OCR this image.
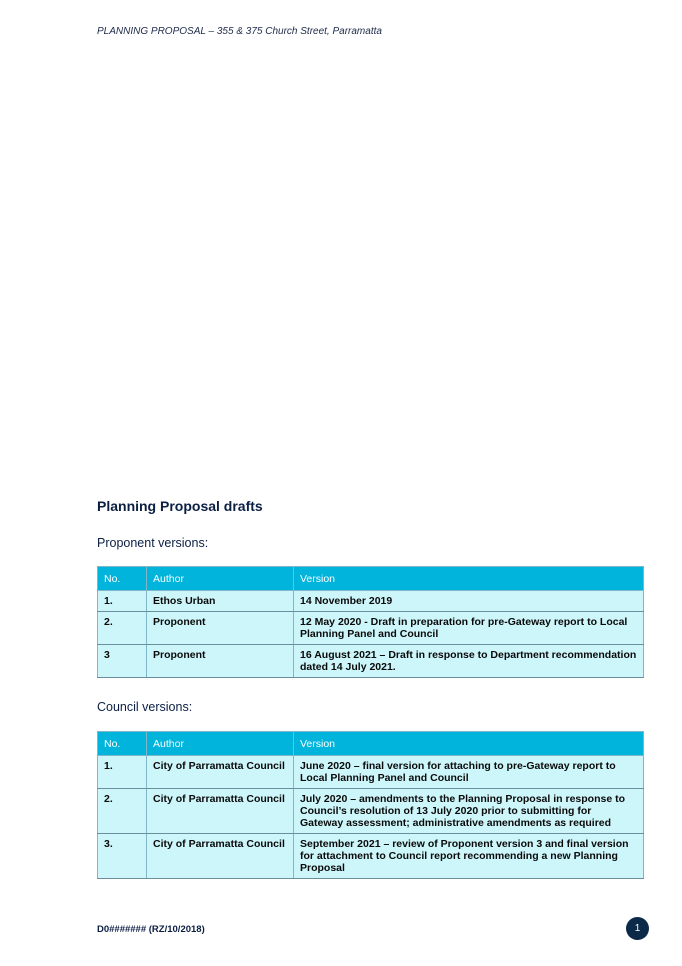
PLANNING PROPOSAL – 355 & 375 Church Street, Parramatta
Planning Proposal drafts
Proponent versions:
No.	Author	Version
1.	Ethos Urban	14 November 2019
2.	Proponent	12 May 2020 - Draft in preparation for pre-Gateway report to Local Planning Panel and Council
3	Proponent	16 August 2021 – Draft in response to Department recommendation dated 14 July 2021.
Council versions:
No.	Author	Version
1.	City of Parramatta Council	June 2020 – final version for attaching to pre-Gateway report to Local Planning Panel and Council
2.	City of Parramatta Council	July 2020 – amendments to the Planning Proposal in response to Council’s resolution of 13 July 2020 prior to submitting for Gateway assessment; administrative amendments as required
3.	City of Parramatta Council	September 2021 – review of Proponent version 3 and final version for attachment to Council report recommending a new Planning Proposal
D0####### (RZ/10/2018)	1
